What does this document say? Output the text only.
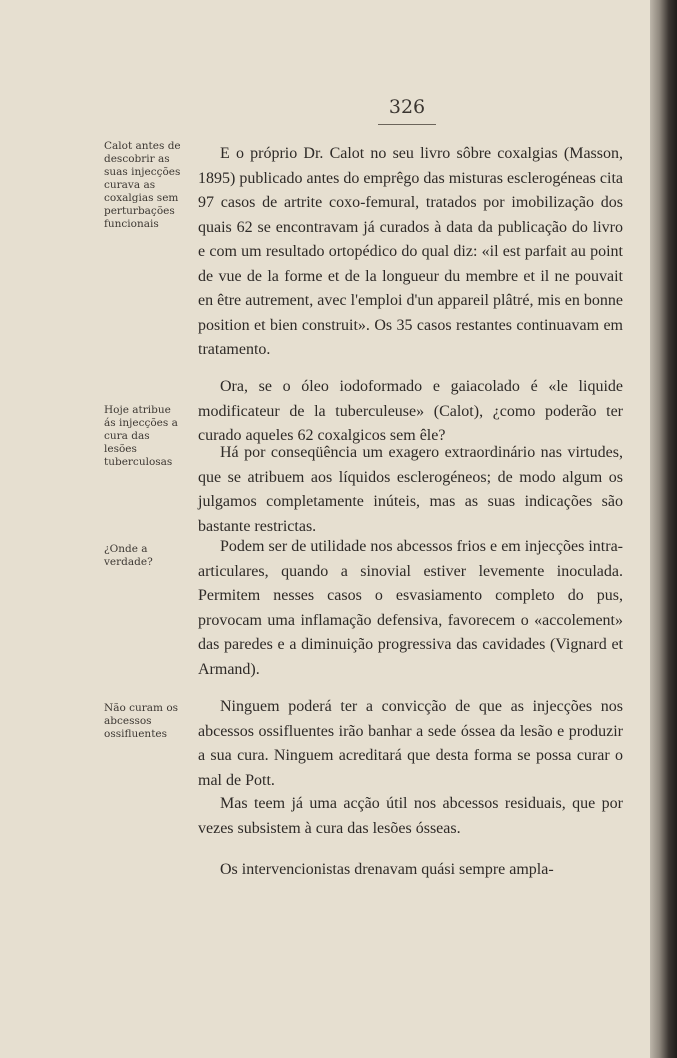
326
Calot antes de descobrir as suas injecções curava as coxalgias sem perturbações funcionais
Hoje atribue ás injecções a cura das lesões tuberculosas
¿Onde a verdade?
Não curam os abcessos ossifluentes

E o próprio Dr. Calot no seu livro sôbre coxalgias (Masson, 1895) publicado antes do emprêgo das misturas esclerogéneas cita 97 casos de artrite coxo-femural, tratados por imobilização dos quais 62 se encontravam já curados à data da publicação do livro e com um resultado ortopédico do qual diz: «il est parfait au point de vue de la forme et de la longueur du membre et il ne pouvait en être autrement, avec l'emploi d'un appareil plâtré, mis en bonne position et bien construit». Os 35 casos restantes continuavam em tratamento.

Ora, se o óleo iodoformado e gaiacolado é «le liquide modificateur de la tuberculeuse» (Calot), ¿como poderão ter curado aqueles 62 coxalgicos sem êle?

Há por conseqüência um exagero extraordinário nas virtudes, que se atribuem aos líquidos esclerogéneos; de modo algum os julgamos completamente inúteis, mas as suas indicações são bastante restrictas.

Podem ser de utilidade nos abcessos frios e em injecções intra-articulares, quando a sinovial estiver levemente inoculada. Permitem nesses casos o esvasiamento completo do pus, provocam uma inflamação defensiva, favorecem o «accolement» das paredes e a diminuição progressiva das cavidades (Vignard et Armand).

Ninguem poderá ter a convicção de que as injecções nos abcessos ossifluentes irão banhar a sede óssea da lesão e produzir a sua cura. Ninguem acreditará que desta forma se possa curar o mal de Pott.

Mas teem já uma acção útil nos abcessos residuais, que por vezes subsistem à cura das lesões ósseas.

Os intervencionistas drenavam quási sempre ampla-
